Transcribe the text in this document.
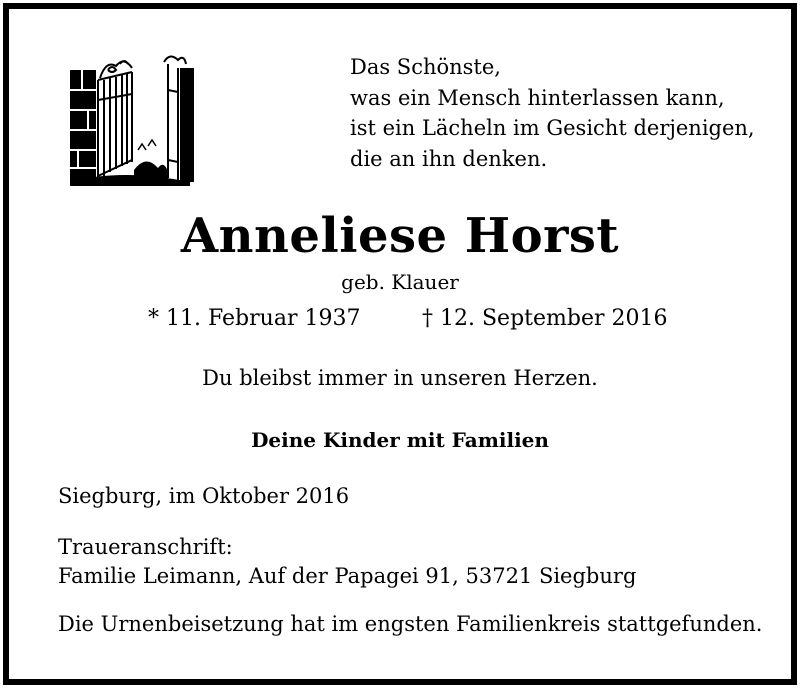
Das Schönste,
was ein Mensch hinterlassen kann,
ist ein Lächeln im Gesicht derjenigen,
die an ihn denken.
Anneliese Horst
geb. Klauer
* 11. Februar 1937	† 12. September 2016
Du bleibst immer in unseren Herzen.
Deine Kinder mit Familien
Siegburg, im Oktober 2016
Traueranschrift:
Familie Leimann, Auf der Papagei 91, 53721 Siegburg
Die Urnenbeisetzung hat im engsten Familienkreis stattgefunden.
